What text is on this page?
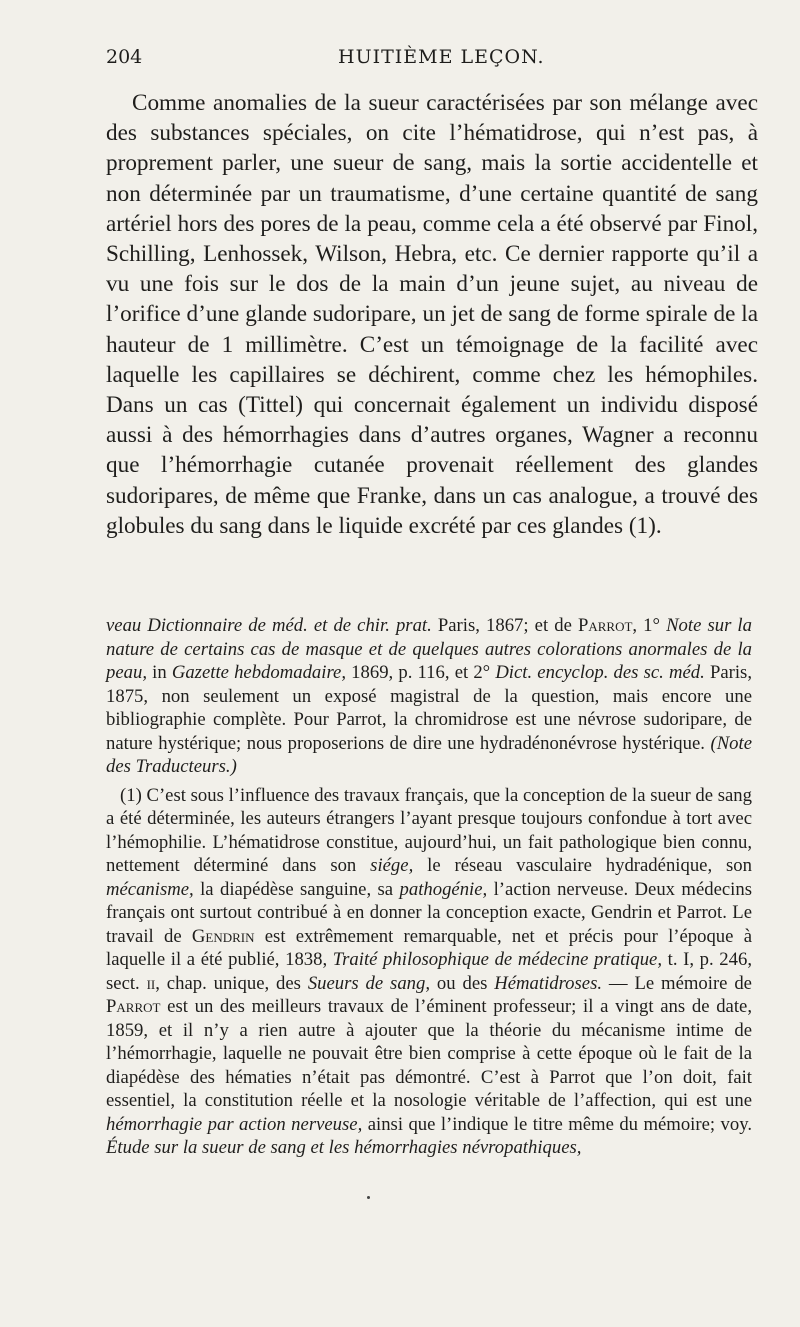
204	HUITIÈME LEÇON.

Comme anomalies de la sueur caractérisées par son mélange avec des substances spéciales, on cite l’hématidrose, qui n’est pas, à proprement parler, une sueur de sang, mais la sortie accidentelle et non déterminée par un traumatisme, d’une certaine quantité de sang artériel hors des pores de la peau, comme cela a été observé par Finol, Schilling, Lenhossek, Wilson, Hebra, etc. Ce dernier rapporte qu’il a vu une fois sur le dos de la main d’un jeune sujet, au niveau de l’orifice d’une glande sudoripare, un jet de sang de forme spirale de la hauteur de 1 millimètre. C’est un témoignage de la facilité avec laquelle les capillaires se déchirent, comme chez les hémophiles. Dans un cas (Tittel) qui concernait également un individu disposé aussi à des hémorrhagies dans d’autres organes, Wagner a reconnu que l’hémorrhagie cutanée provenait réellement des glandes sudoripares, de même que Franke, dans un cas analogue, a trouvé des globules du sang dans le liquide excrété par ces glandes (1).

veau Dictionnaire de méd. et de chir. prat. Paris, 1867; et de Parrot, 1° Note sur la nature de certains cas de masque et de quelques autres colorations anormales de la peau, in Gazette hebdomadaire, 1869, p. 116, et 2° Dict. encyclop. des sc. méd. Paris, 1875, non seulement un exposé magistral de la question, mais encore une bibliographie complète. Pour Parrot, la chromidrose est une névrose sudoripare, de nature hystérique; nous proposerions de dire une hydradénonévrose hystérique. (Note des Traducteurs.)

(1) C’est sous l’influence des travaux français, que la conception de la sueur de sang a été déterminée, les auteurs étrangers l’ayant presque toujours confondue à tort avec l’hémophilie. L’hématidrose constitue, aujourd’hui, un fait pathologique bien connu, nettement déterminé dans son siége, le réseau vasculaire hydradénique, son mécanisme, la diapédèse sanguine, sa pathogénie, l’action nerveuse. Deux médecins français ont surtout contribué à en donner la conception exacte, Gendrin et Parrot. Le travail de Gendrin est extrêmement remarquable, net et précis pour l’époque à laquelle il a été publié, 1838, Traité philosophique de médecine pratique, t. I, p. 246, sect. ii, chap. unique, des Sueurs de sang, ou des Hématidroses. — Le mémoire de Parrot est un des meilleurs travaux de l’éminent professeur; il a vingt ans de date, 1859, et il n’y a rien autre à ajouter que la théorie du mécanisme intime de l’hémorrhagie, laquelle ne pouvait être bien comprise à cette époque où le fait de la diapédèse des hématies n’était pas démontré. C’est à Parrot que l’on doit, fait essentiel, la constitution réelle et la nosologie véritable de l’affection, qui est une hémorrhagie par action nerveuse, ainsi que l’indique le titre même du mémoire; voy. Étude sur la sueur de sang et les hémorrhagies névropathiques,
